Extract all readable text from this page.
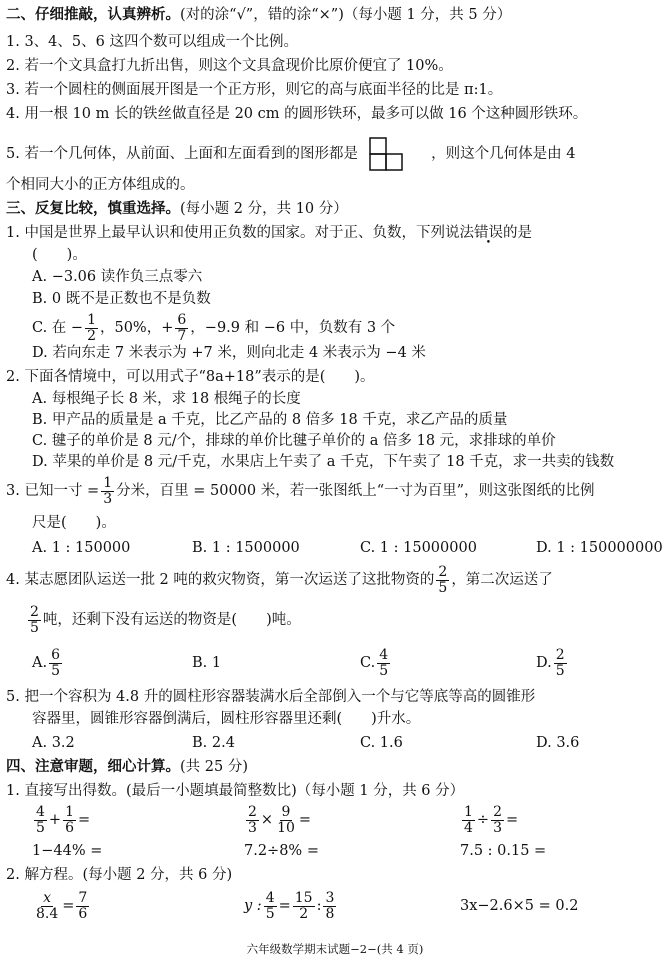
二、仔细推敲，认真辨析。(对的涂“√”，错的涂“×”)（每小题 1 分，共 5 分）
1. 3、4、5、6 这四个数可以组成一个比例。
2. 若一个文具盒打九折出售，则这个文具盒现价比原价便宜了 10%。
3. 若一个圆柱的侧面展开图是一个正方形，则它的高与底面半径的比是 π:1。
4. 用一根 10 m 长的铁丝做直径是 20 cm 的圆形铁环，最多可以做 16 个这种圆形铁环。
5. 若一个几何体，从前面、上面和左面看到的图形都是	，则这个几何体是由 4
个相同大小的正方体组成的。
三、反复比较，慎重选择。(每小题 2 分，共 10 分）
1. 中国是世界上最早认识和使用正负数的国家。对于正、负数，下列说法错误的是
(　　)。
A. −3.06 读作负三点零六
B. 0 既不是正数也不是负数
C. 在 − $\frac{1}{2}$ ，50%，+ $\frac{6}{7}$ ，−9.9 和 −6 中，负数有 3 个
D. 若向东走 7 米表示为 +7 米，则向北走 4 米表示为 −4 米
2. 下面各情境中，可以用式子“8a+18”表示的是(　　)。
A. 每根绳子长 8 米，求 18 根绳子的长度
B. 甲产品的质量是 a 千克，比乙产品的 8 倍多 18 千克，求乙产品的质量
C. 毽子的单价是 8 元/个，排球的单价比毽子单价的 a 倍多 18 元，求排球的单价
D. 苹果的单价是 8 元/千克，水果店上午卖了 a 千克，下午卖了 18 千克，求一共卖的钱数
3. 已知一寸 = $\frac{1}{3}$ 分米，百里 = 50000 米，若一张图纸上“一寸为百里”，则这张图纸的比例
尺是(　　)。
A. 1 : 150000	B. 1 : 1500000	C. 1 : 15000000	D. 1 : 150000000
4. 某志愿团队运送一批 2 吨的救灾物资，第一次运送了这批物资的 $\frac{2}{5}$ ，第二次运送了
$\frac{2}{5}$ 吨，还剩下没有运送的物资是(　　)吨。
A. $\frac{6}{5}$	B. 1	C. $\frac{4}{5}$	D. $\frac{2}{5}$
5. 把一个容积为 4.8 升的圆柱形容器装满水后全部倒入一个与它等底等高的圆锥形
容器里，圆锥形容器倒满后，圆柱形容器里还剩(　　)升水。
A. 3.2	B. 2.4	C. 1.6	D. 3.6
四、注意审题，细心计算。(共 25 分)
1. 直接写出得数。(最后一小题填最简整数比)（每小题 1 分，共 6 分）
$\frac{4}{5} + \frac{1}{6}$ =	$\frac{2}{3} \times \frac{9}{10}$ =	$\frac{1}{4} \div \frac{2}{3}$ =
1−44% =	7.2÷8% =	7.5 : 0.15 =
2. 解方程。(每小题 2 分，共 6 分)
$\frac{x}{8.4} = \frac{7}{6}$	y : $\frac{4}{5} = \frac{15}{2}$ : $\frac{3}{8}$	3x−2.6×5 = 0.2
六年级数学期末试题−2−(共 4 页)
